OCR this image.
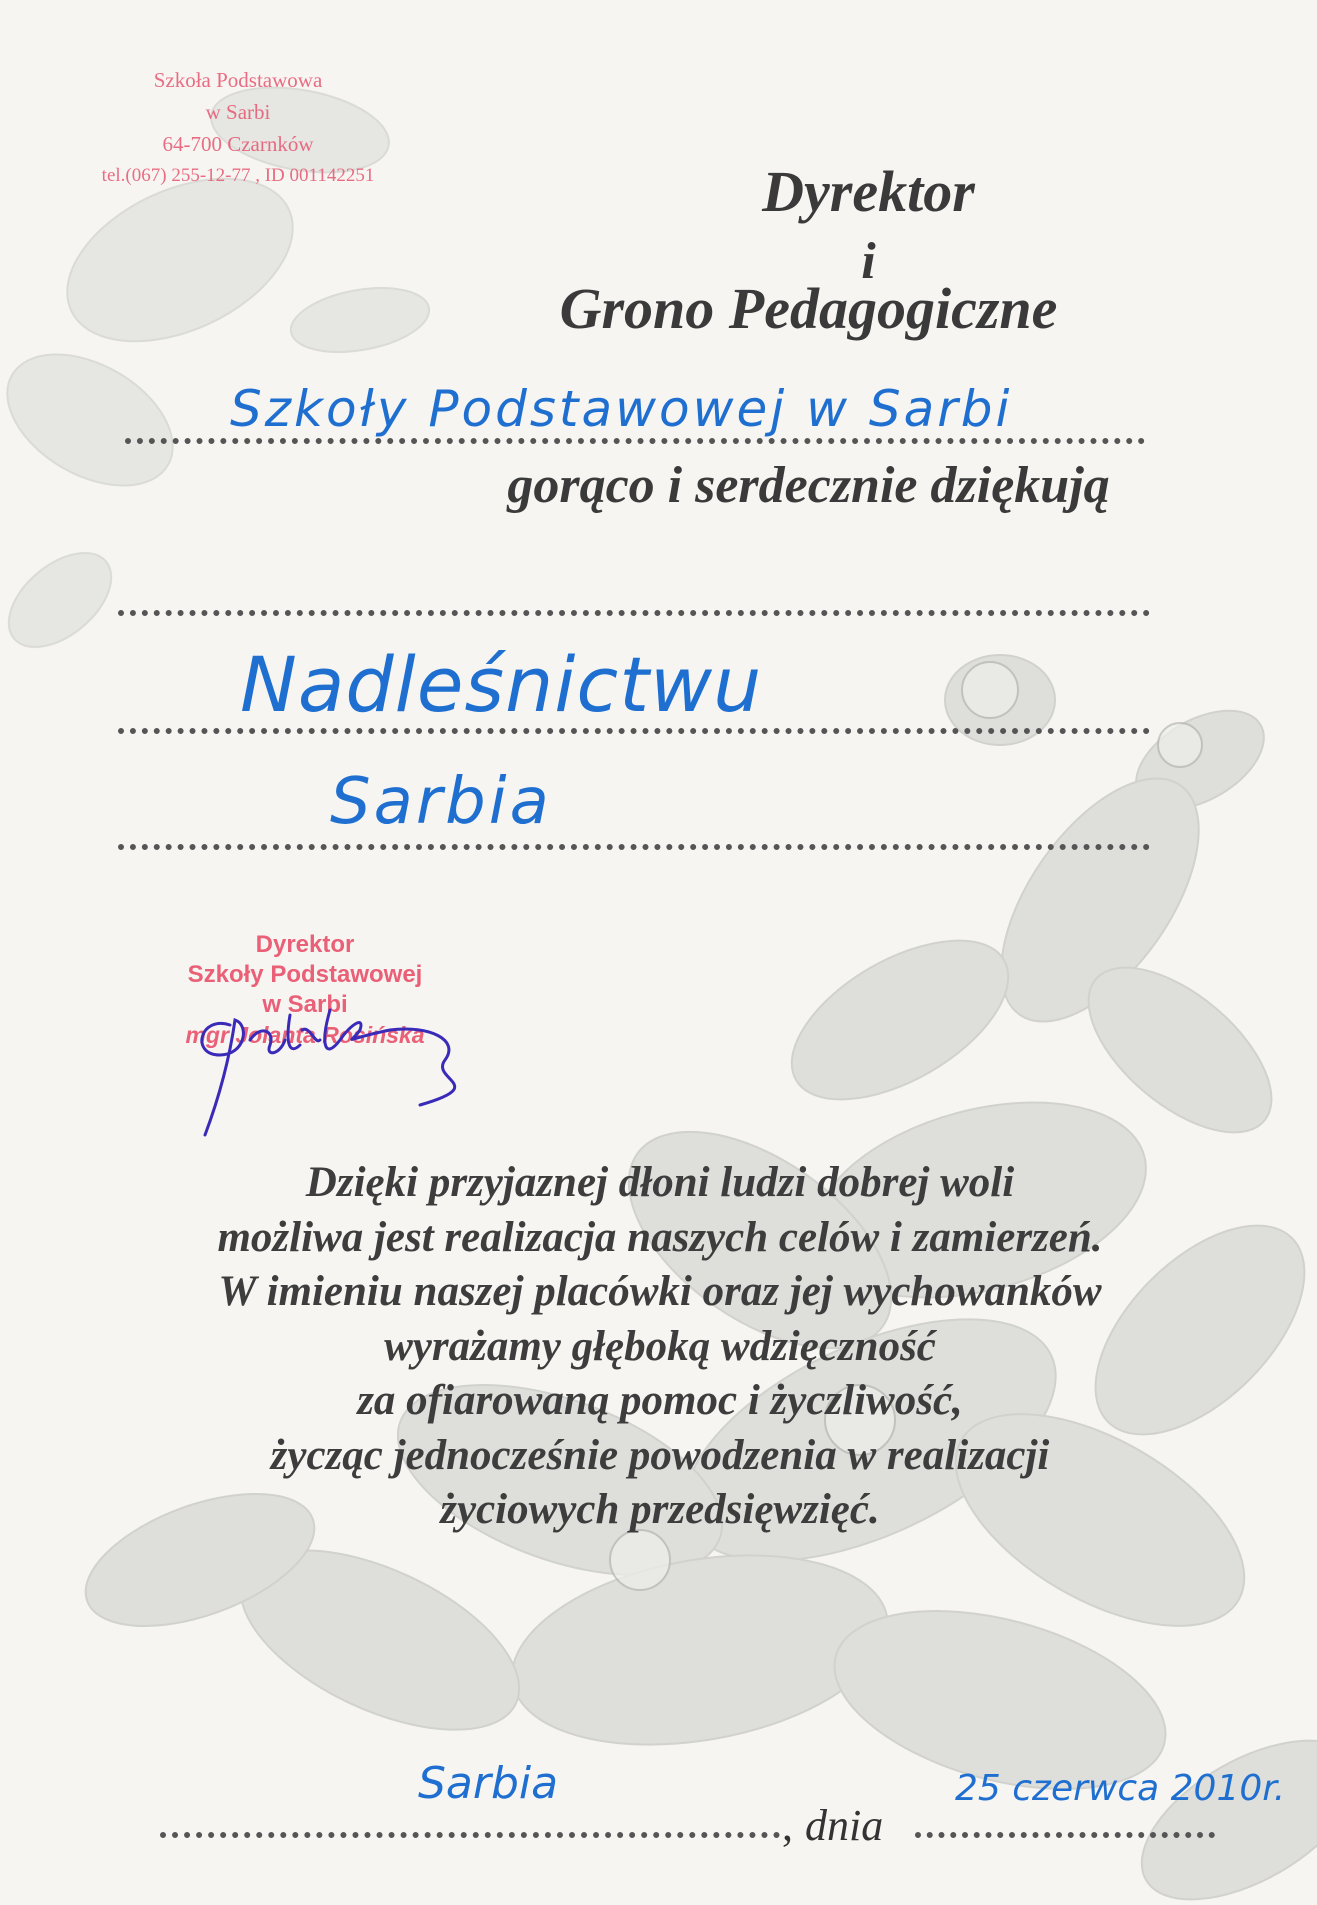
Szkoła Podstawowa
w Sarbi
64-700 Czarnków
tel.(067) 255-12-77 , ID 001142251	Dyrektor
i
Grono Pedagogiczne
Szkoły Podstawowej w Sarbi
gorąco i serdecznie dziękują
Nadleśnictwu
Sarbia
Dyrektor
Szkoły Podstawowej
w Sarbi
mgr Jolanta Rosińska
Dzięki przyjaznej dłoni ludzi dobrej woli
możliwa jest realizacja naszych celów i zamierzeń.
W imieniu naszej placówki oraz jej wychowanków
wyrażamy głęboką wdzięczność
za ofiarowaną pomoc i życzliwość,
życząc jednocześnie powodzenia w realizacji
życiowych przedsięwzięć.
Sarbia
, dnia
25 czerwca 2010r.
